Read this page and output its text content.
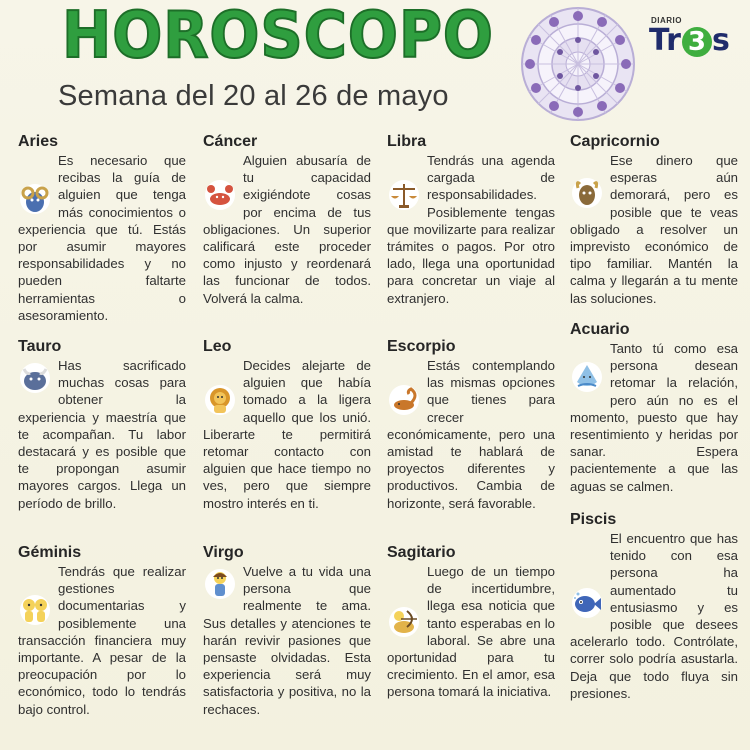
HOROSCOPO
Semana del 20 al 26 de mayo
DIARIO
Tr 3 s
Aries

Es necesario que recibas la guía de alguien que tenga más conocimientos o experiencia que tú. Estás por asumir mayores responsabilidades y no pueden faltarte herramientas o asesoramiento.

Tauro

Has sacrificado muchas cosas para obtener la experiencia y maestría que te acompañan. Tu labor destacará y es posible que te propongan asumir mayores cargos. Llega un período de brillo.

Géminis

Tendrás que realizar gestiones documentarias y posiblemente una transacción financiera muy importante. A pesar de la preocupación por lo económico, todo lo tendrás bajo control.

Cáncer

Alguien abusaría de tu capacidad exigiéndote cosas por encima de tus obligaciones. Un superior calificará este proceder como injusto y reordenará las funcionar de todos. Volverá la calma.

Leo

Decides alejarte de alguien que había tomado a la ligera aquello que los unió. Liberarte te permitirá retomar contacto con alguien que hace tiempo no ves, pero que siempre mostro interés en ti.

Virgo

Vuelve a tu vida una persona que realmente te ama. Sus detalles y atenciones te harán revivir pasiones que pensaste olvidadas. Esta experiencia será muy satisfactoria y positiva, no la rechaces.

Libra

Tendrás una agenda cargada de responsabilidades. Posiblemente tengas que movilizarte para realizar trámites o pagos. Por otro lado, llega una oportunidad para concretar un viaje al extranjero.

Escorpio

Estás contemplando las mismas opciones que tienes para crecer económicamente, pero una amistad te hablará de proyectos diferentes y productivos. Cambia de horizonte, será favorable.

Sagitario

Luego de un tiempo de incertidumbre, llega esa noticia que tanto esperabas en lo laboral. Se abre una oportunidad para tu crecimiento. En el amor, esa persona tomará la iniciativa.

Capricornio

Ese dinero que esperas aún demorará, pero es posible que te veas obligado a resolver un imprevisto económico de tipo familiar. Mantén la calma y llegarán a tu mente las soluciones.

Acuario

Tanto tú como esa persona desean retomar la relación, pero aún no es el momento, puesto que hay resentimiento y heridas por sanar. Espera pacientemente a que las aguas se calmen.

Piscis

El encuentro que has tenido con esa persona ha aumentado tu entusiasmo y es posible que desees acelerarlo todo. Contrólate, correr solo podría asustarla. Deja que todo fluya sin presiones.
